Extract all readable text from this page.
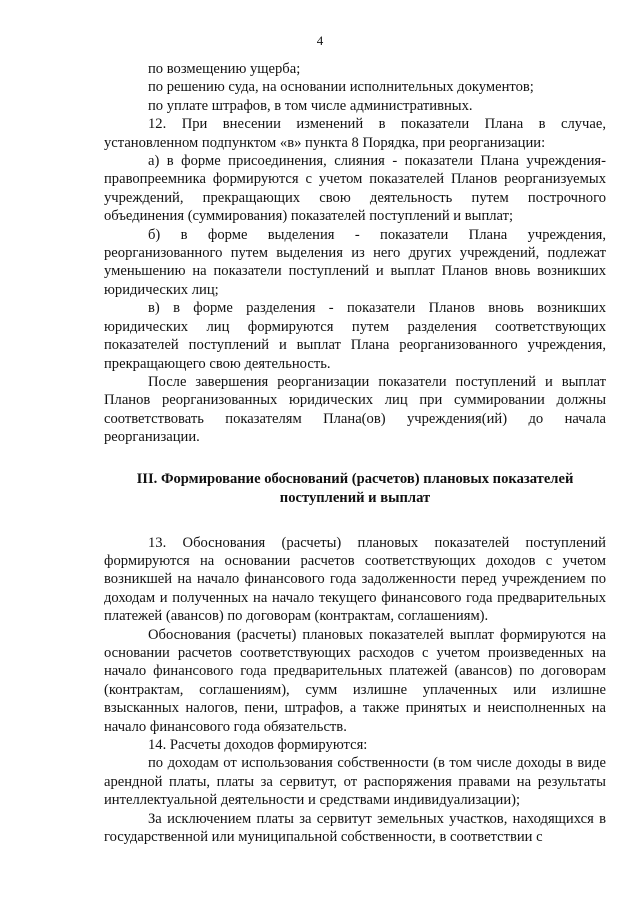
4

по возмещению ущерба;

по решению суда, на основании исполнительных документов;

по уплате штрафов, в том числе административных.

12. При внесении изменений в показатели Плана в случае, установленном подпунктом «в» пункта 8 Порядка, при реорганизации:

а) в форме присоединения, слияния - показатели Плана учреждения-правопреемника формируются с учетом показателей Планов реорганизуемых учреждений, прекращающих свою деятельность путем построчного объединения (суммирования) показателей поступлений и выплат;

б) в форме выделения - показатели Плана учреждения, реорганизованного путем выделения из него других учреждений, подлежат уменьшению на показатели поступлений и выплат Планов вновь возникших юридических лиц;

в) в форме разделения - показатели Планов вновь возникших юридических лиц формируются путем разделения соответствующих показателей поступлений и выплат Плана реорганизованного учреждения, прекращающего свою деятельность.

После завершения реорганизации показатели поступлений и выплат Планов реорганизованных юридических лиц при суммировании должны соответствовать показателям Плана(ов) учреждения(ий) до начала реорганизации.

III. Формирование обоснований (расчетов) плановых показателей поступлений и выплат

13. Обоснования (расчеты) плановых показателей поступлений формируются на основании расчетов соответствующих доходов с учетом возникшей на начало финансового года задолженности перед учреждением по доходам и полученных на начало текущего финансового года предварительных платежей (авансов) по договорам (контрактам, соглашениям).

Обоснования (расчеты) плановых показателей выплат формируются на основании расчетов соответствующих расходов с учетом произведенных на начало финансового года предварительных платежей (авансов) по договорам (контрактам, соглашениям), сумм излишне уплаченных или излишне взысканных налогов, пени, штрафов, а также принятых и неисполненных на начало финансового года обязательств.

14. Расчеты доходов формируются:

по доходам от использования собственности (в том числе доходы в виде арендной платы, платы за сервитут, от распоряжения правами на результаты интеллектуальной деятельности и средствами индивидуализации);

За исключением платы за сервитут земельных участков, находящихся в государственной или муниципальной собственности, в соответствии с
